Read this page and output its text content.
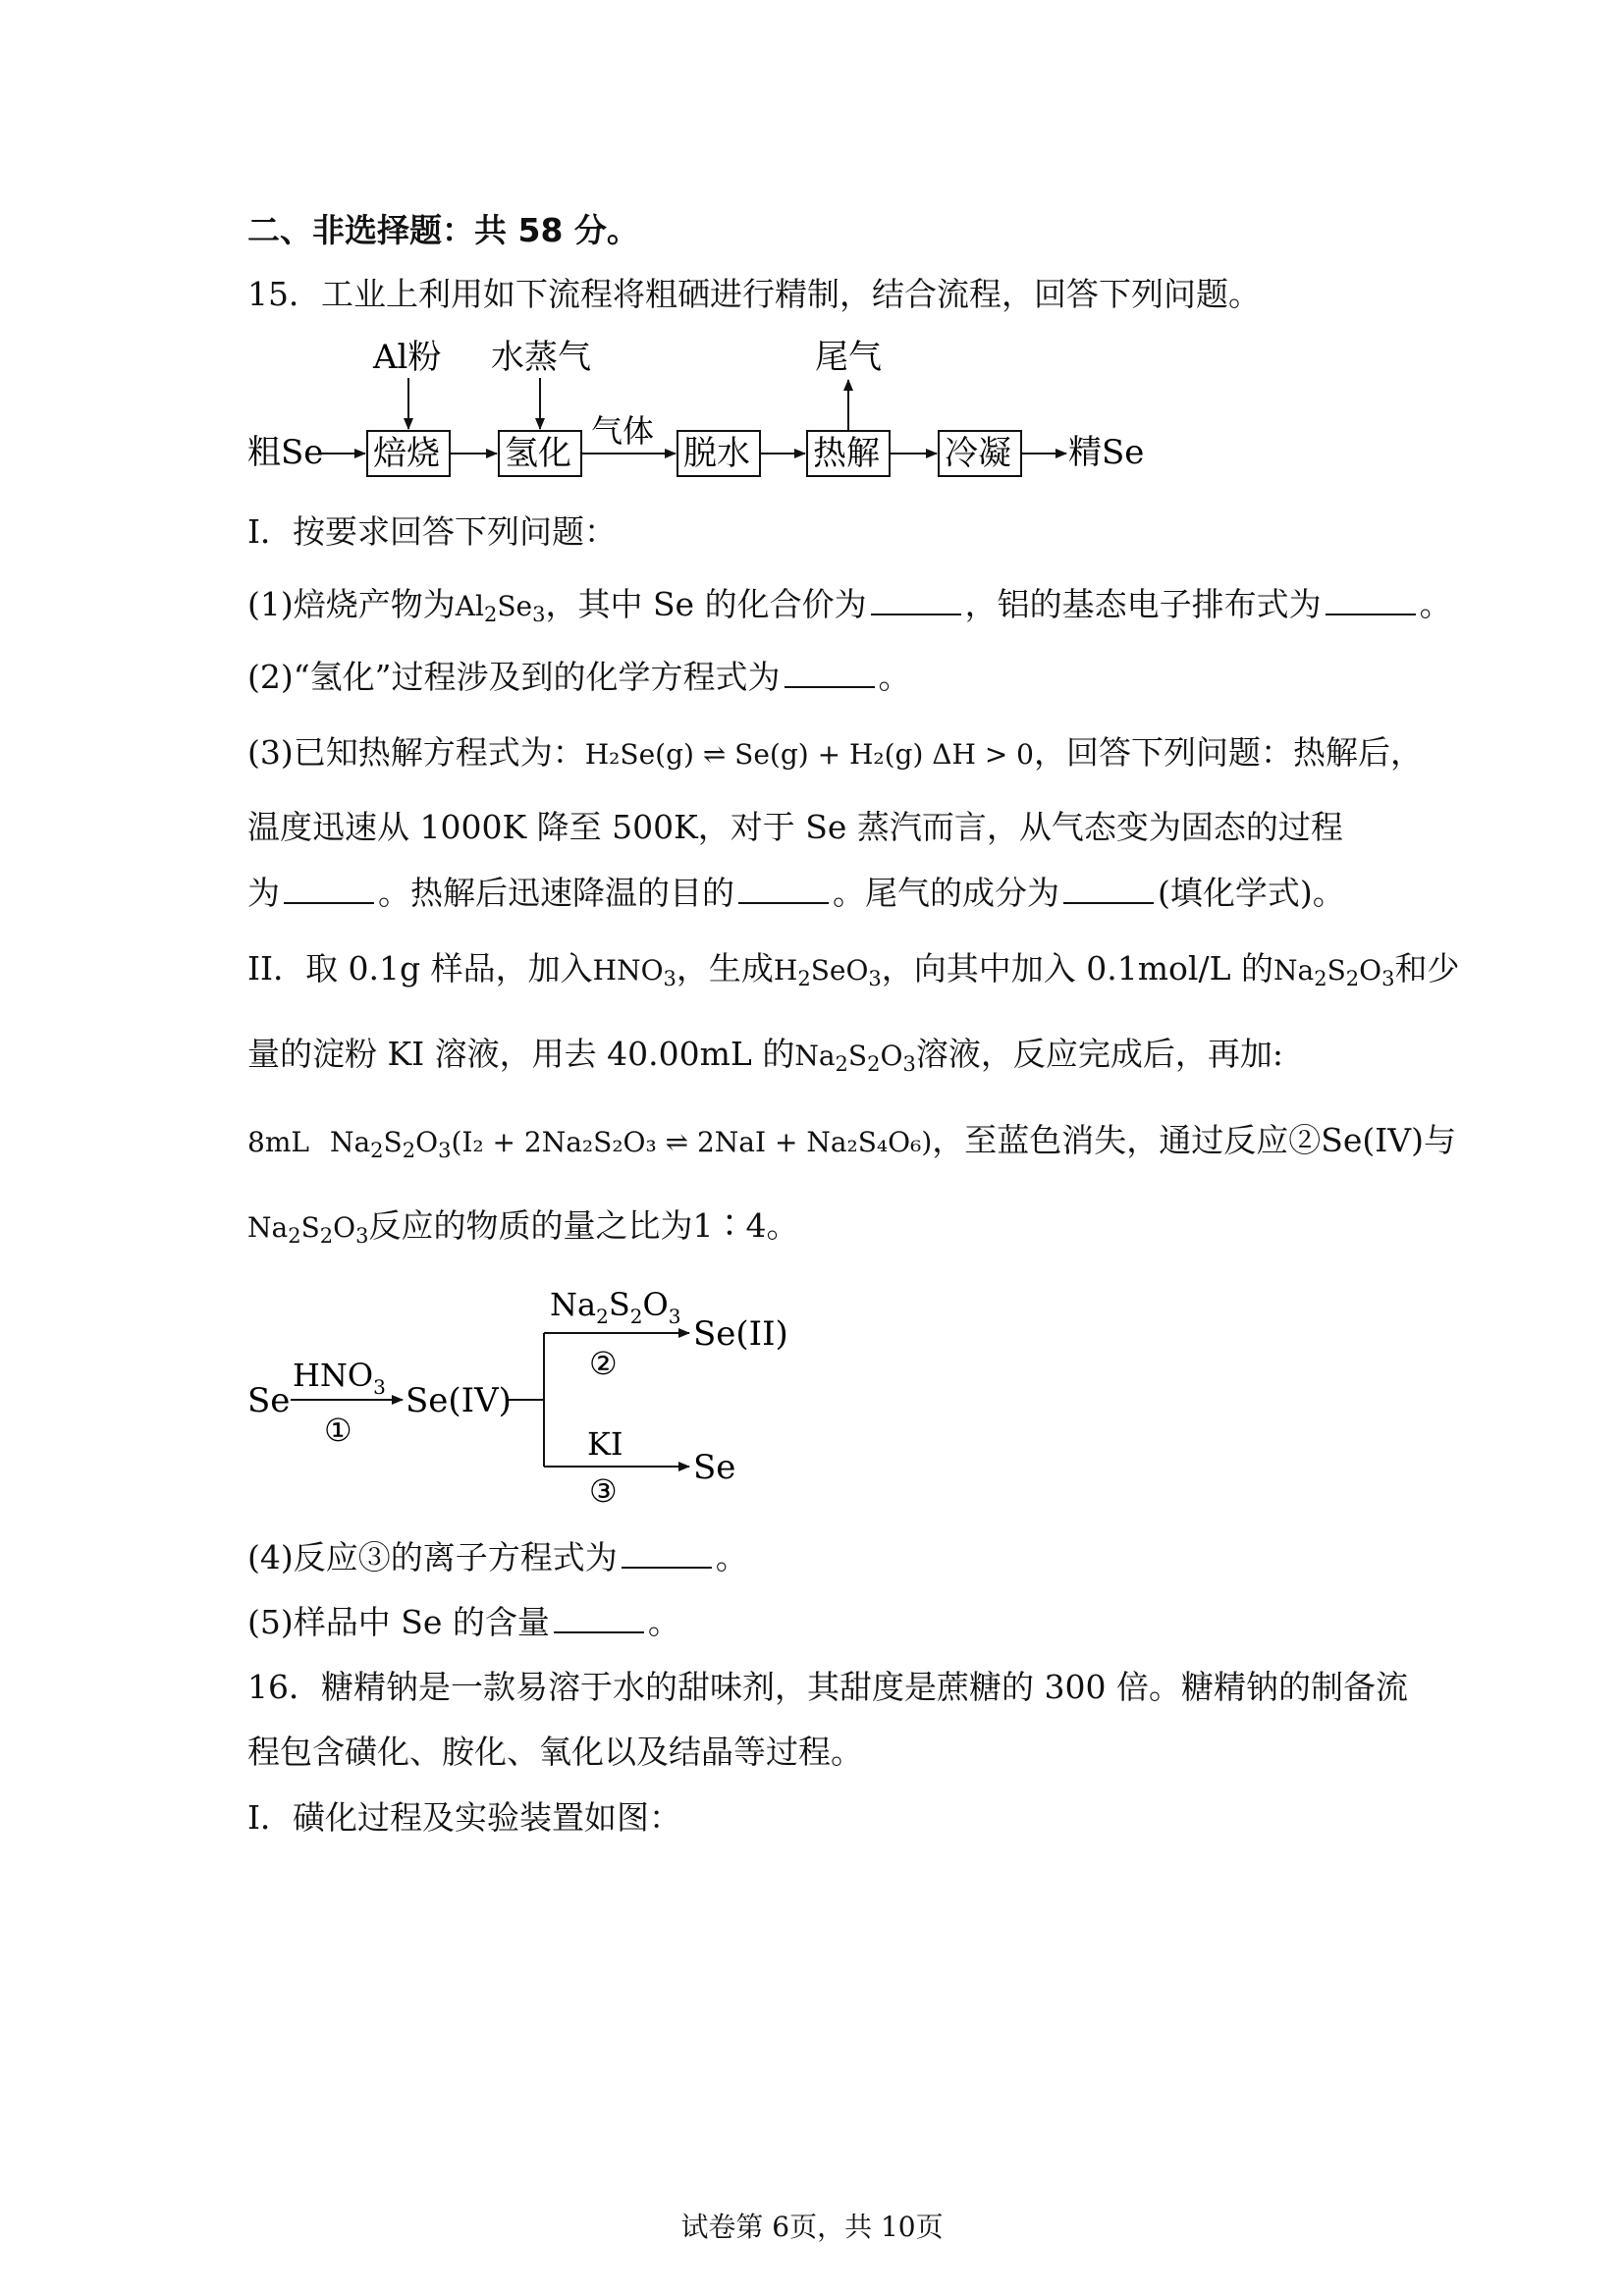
二、非选择题：共 58 分。
15．工业上利用如下流程将粗硒进行精制，结合流程，回答下列问题。
粗Se 焙烧 氢化
气体
脱水 热解 冷凝 精Se
Al粉 水蒸气	尾气
I．按要求回答下列问题：
(1)焙烧产物为$Al_2Se_3$，其中 Se 的化合价为	，铝的基态电子排布式为	。
(2)“氢化”过程涉及到的化学方程式为	。
(3)已知热解方程式为：H₂Se(g) ⇌ Se(g) + H₂(g) ΔH > 0，回答下列问题：热解后，
温度迅速从 1000K 降至 500K，对于 Se 蒸汽而言，从气态变为固态的过程
为	。热解后迅速降温的目的	。尾气的成分为	(填化学式)。
II．取 0.1g 样品，加入$HNO_3$，生成$H_2SeO_3$，向其中加入 0.1mol/L 的$Na_2S_2O_3$和少
量的淀粉 KI 溶液，用去 40.00mL 的$Na_2S_2O_3$溶液，反应完成后，再加:
8mL $Na_2S_2O_3(I_2 + 2Na_2S_2O_3$ ⇌ 2NaI + Na₂S₄O₆)，至蓝色消失，通过反应②Se(IV)与
$Na_2S_2O_3$反应的物质的量之比为1∶4。
Se
$HNO_3$
①
Se(IV)
$Na_2S_2O_3$
②
Se(II)
KI
③
Se
(4)反应③的离子方程式为	。
(5)样品中 Se 的含量	。
16．糖精钠是一款易溶于水的甜味剂，其甜度是蔗糖的 300 倍。糖精钠的制备流
程包含磺化、胺化、氧化以及结晶等过程。
I．磺化过程及实验装置如图：
试卷第 6页，共 10页
